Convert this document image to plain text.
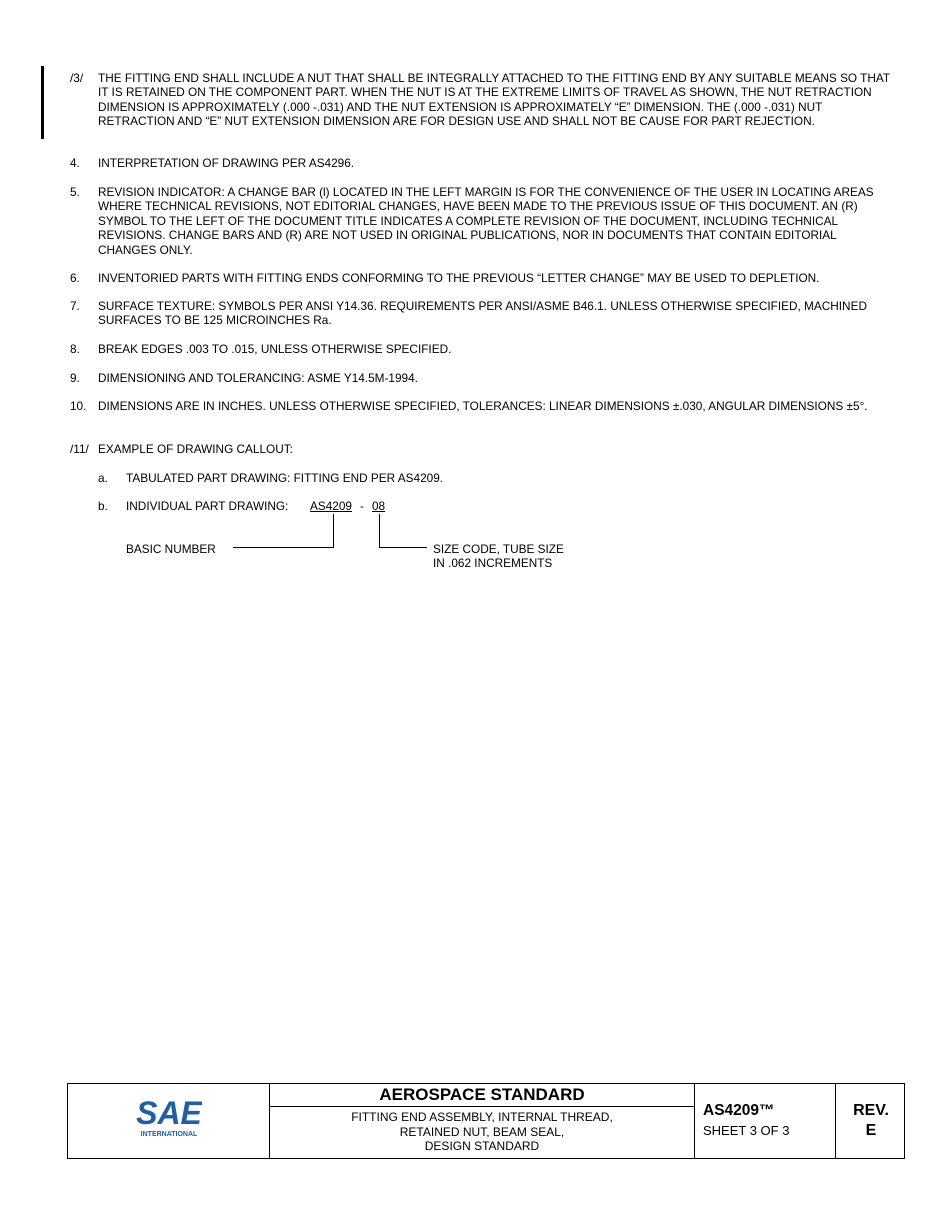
/3/ THE FITTING END SHALL INCLUDE A NUT THAT SHALL BE INTEGRALLY ATTACHED TO THE FITTING END BY ANY SUITABLE MEANS SO THAT IT IS RETAINED ON THE COMPONENT PART. WHEN THE NUT IS AT THE EXTREME LIMITS OF TRAVEL AS SHOWN, THE NUT RETRACTION DIMENSION IS APPROXIMATELY (.000 -.031) AND THE NUT EXTENSION IS APPROXIMATELY “E” DIMENSION. THE (.000 -.031) NUT RETRACTION AND “E” NUT EXTENSION DIMENSION ARE FOR DESIGN USE AND SHALL NOT BE CAUSE FOR PART REJECTION.
4. INTERPRETATION OF DRAWING PER AS4296.
5. REVISION INDICATOR: A CHANGE BAR (l) LOCATED IN THE LEFT MARGIN IS FOR THE CONVENIENCE OF THE USER IN LOCATING AREAS WHERE TECHNICAL REVISIONS, NOT EDITORIAL CHANGES, HAVE BEEN MADE TO THE PREVIOUS ISSUE OF THIS DOCUMENT. AN (R) SYMBOL TO THE LEFT OF THE DOCUMENT TITLE INDICATES A COMPLETE REVISION OF THE DOCUMENT, INCLUDING TECHNICAL REVISIONS. CHANGE BARS AND (R) ARE NOT USED IN ORIGINAL PUBLICATIONS, NOR IN DOCUMENTS THAT CONTAIN EDITORIAL CHANGES ONLY.
6. INVENTORIED PARTS WITH FITTING ENDS CONFORMING TO THE PREVIOUS “LETTER CHANGE” MAY BE USED TO DEPLETION.
7. SURFACE TEXTURE: SYMBOLS PER ANSI Y14.36. REQUIREMENTS PER ANSI/ASME B46.1. UNLESS OTHERWISE SPECIFIED, MACHINED SURFACES TO BE 125 MICROINCHES Ra.
8. BREAK EDGES .003 TO .015, UNLESS OTHERWISE SPECIFIED.
9. DIMENSIONING AND TOLERANCING: ASME Y14.5M-1994.
10. DIMENSIONS ARE IN INCHES. UNLESS OTHERWISE SPECIFIED, TOLERANCES: LINEAR DIMENSIONS ±.030, ANGULAR DIMENSIONS ±5°.
/11/ EXAMPLE OF DRAWING CALLOUT:
a. TABULATED PART DRAWING: FITTING END PER AS4209.
b. INDIVIDUAL PART DRAWING: AS4209 - 08
BASIC NUMBER	SIZE CODE, TUBE SIZE
IN .062 INCREMENTS
SAE
INTERNATIONAL
AEROSPACE STANDARD
FITTING END ASSEMBLY, INTERNAL THREAD,
RETAINED NUT, BEAM SEAL,
DESIGN STANDARD
AS4209™
SHEET 3 OF 3
REV.
E
